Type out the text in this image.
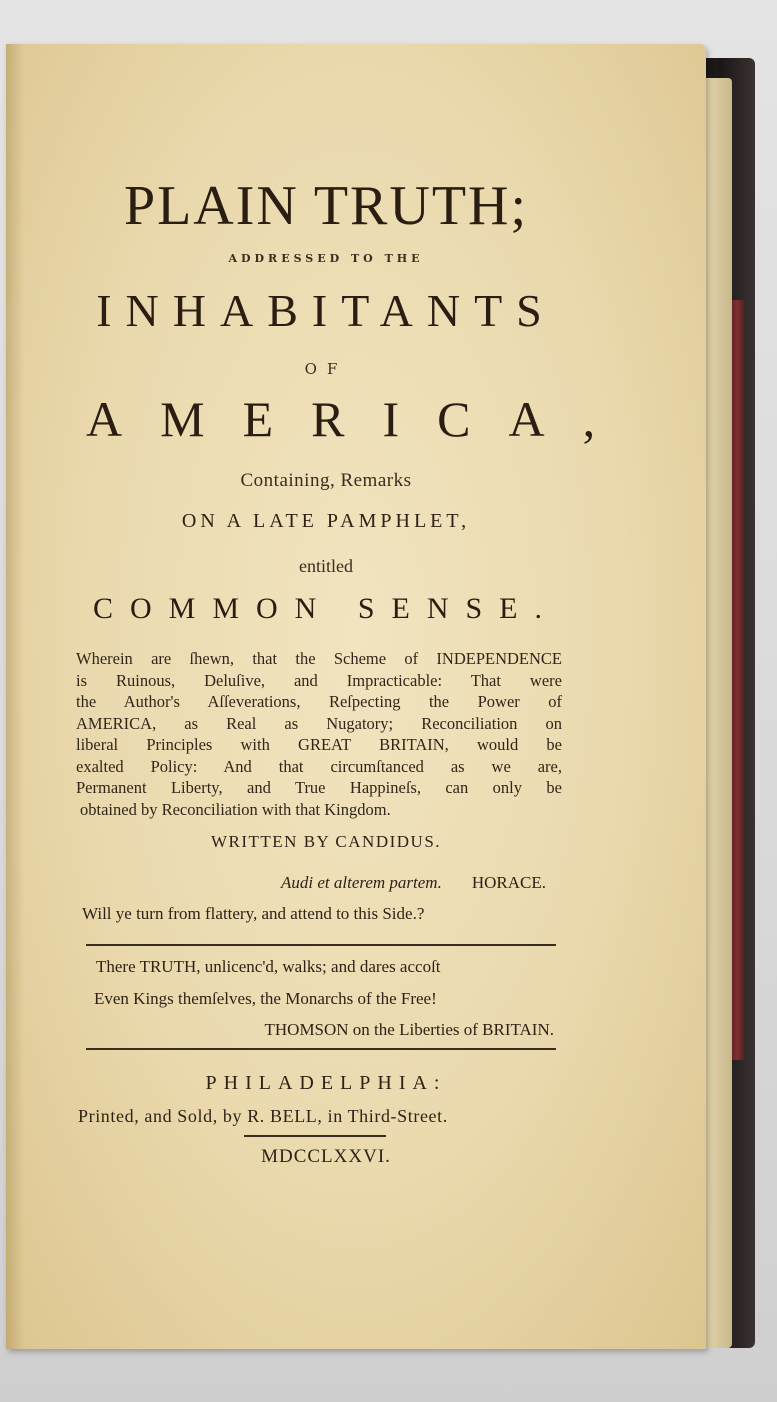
PLAIN TRUTH;
ADDRESSED TO THE
INHABITANTS
OF
AMERICA,
Containing, Remarks
ON A LATE PAMPHLET,
entitled
COMMON SENSE.
Wherein are ſhewn, that the Scheme of INDEPENDENCE
is Ruinous, Deluſive, and Impracticable: That were
the Author's Aſſeverations, Reſpecting the Power of
AMERICA, as Real as Nugatory; Reconciliation on
liberal Principles with GREAT BRITAIN, would be
exalted Policy: And that circumſtanced as we are,
Permanent Liberty, and True Happineſs, can only be
obtained by Reconciliation with that Kingdom.
WRITTEN BY CANDIDUS.
Audi et alterem partem. HORACE.
Will ye turn from flattery, and attend to this Side.?
There TRUTH, unlicenc'd, walks; and dares accoſt
Even Kings themſelves, the Monarchs of the Free!
THOMSON on the Liberties of BRITAIN.
PHILADELPHIA:
Printed, and Sold, by R. BELL, in Third-Street.
MDCCLXXVI.
